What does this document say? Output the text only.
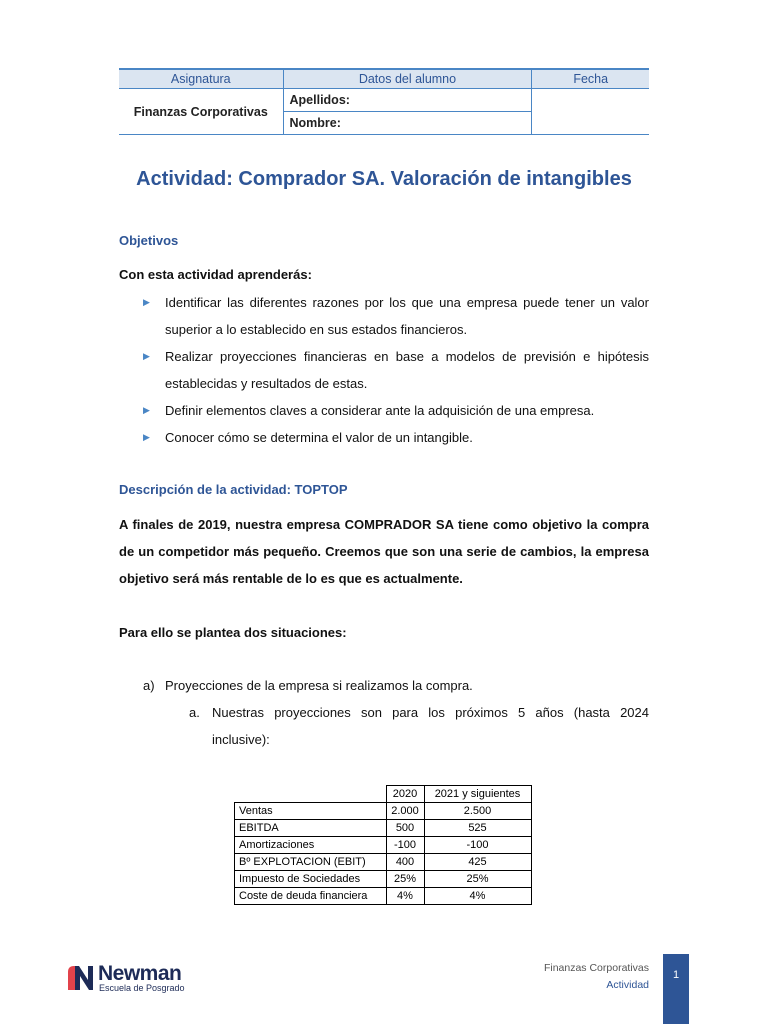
Asignatura	Datos del alumno	Fecha
Finanzas Corporativas	Apellidos:	
	Nombre:	
Actividad: Comprador SA. Valoración de intangibles
Objetivos

Con esta actividad aprenderás:

▶ Identificar las diferentes razones por los que una empresa puede tener un valor superior a lo establecido en sus estados financieros.
▶ Realizar proyecciones financieras en base a modelos de previsión e hipótesis establecidas y resultados de estas.
▶ Definir elementos claves a considerar ante la adquisición de una empresa.
▶ Conocer cómo se determina el valor de un intangible.
Descripción de la actividad: TOPTOP

A finales de 2019, nuestra empresa COMPRADOR SA tiene como objetivo la compra de un competidor más pequeño. Creemos que son una serie de cambios, la empresa objetivo será más rentable de lo es que es actualmente.

Para ello se plantea dos situaciones:

a) Proyecciones de la empresa si realizamos la compra.

a. Nuestras proyecciones son para los próximos 5 años (hasta 2024 inclusive):

	2020	2021 y siguientes
Ventas	2.000	2.500
EBITDA	500	525
Amortizaciones	-100	-100
Bº EXPLOTACION (EBIT)	400	425
Impuesto de Sociedades	25%	25%
Coste de deuda financiera	4%	4%
Newman
Escuela de Posgrado

Finanzas Corporativas

Actividad

1
